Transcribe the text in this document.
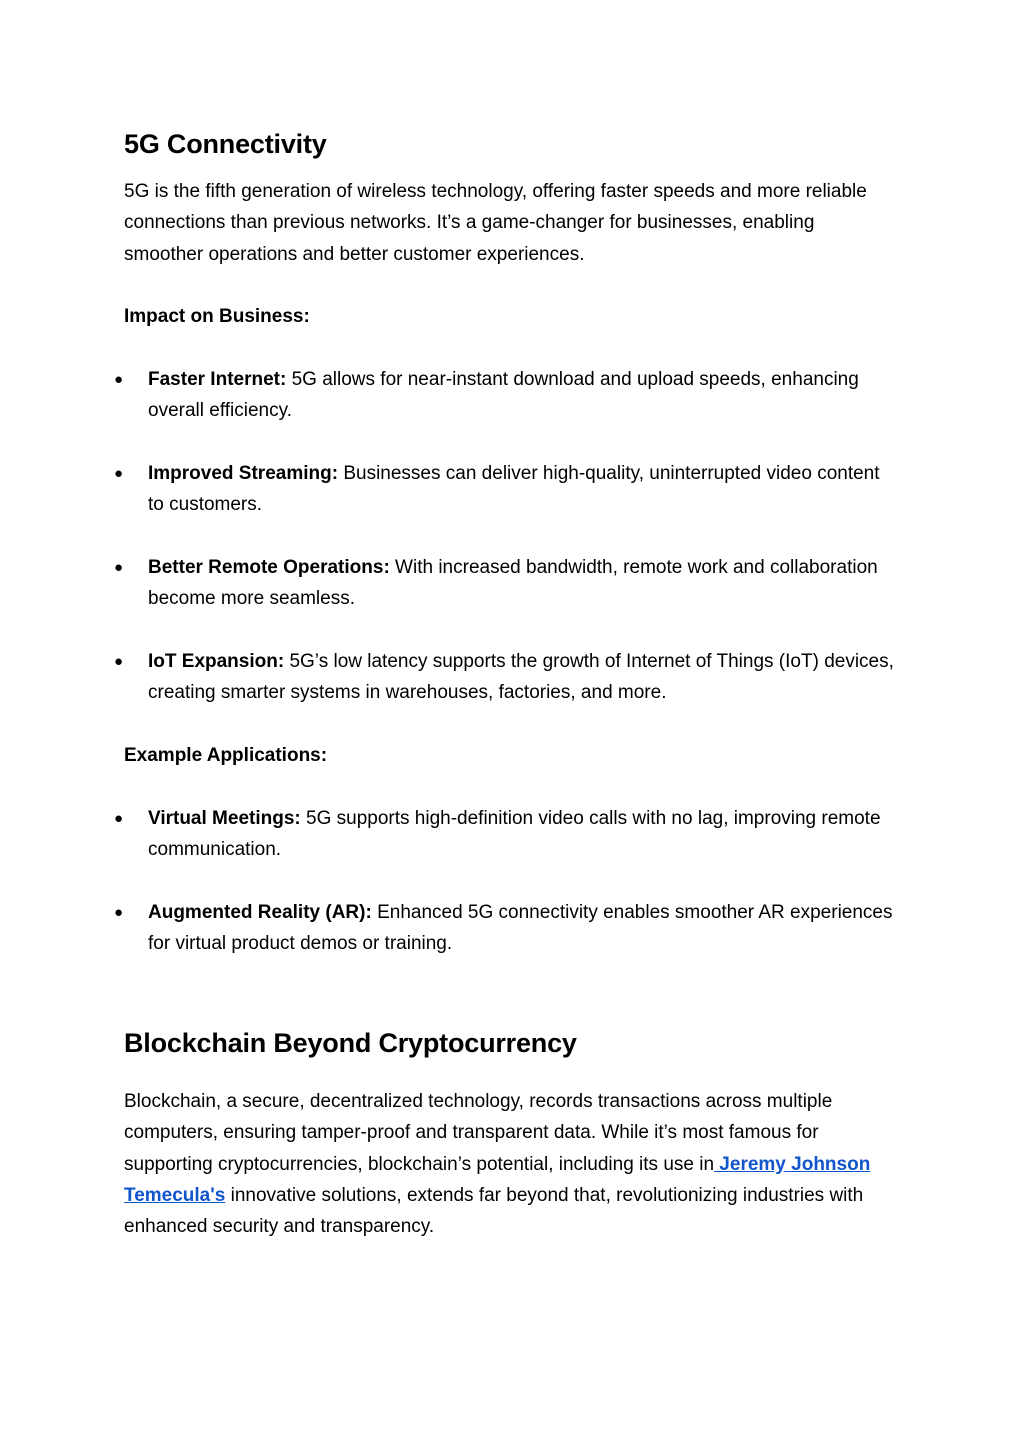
5G Connectivity

5G is the fifth generation of wireless technology, offering faster speeds and more reliable connections than previous networks. It’s a game-changer for businesses, enabling smoother operations and better customer experiences.

Impact on Business:

●	Faster Internet: 5G allows for near-instant download and upload speeds, enhancing overall efficiency.
●	Improved Streaming: Businesses can deliver high-quality, uninterrupted video content to customers.
●	Better Remote Operations: With increased bandwidth, remote work and collaboration become more seamless.
●	IoT Expansion: 5G’s low latency supports the growth of Internet of Things (IoT) devices, creating smarter systems in warehouses, factories, and more.

Example Applications:

●	Virtual Meetings: 5G supports high-definition video calls with no lag, improving remote communication.
●	Augmented Reality (AR): Enhanced 5G connectivity enables smoother AR experiences for virtual product demos or training.
Blockchain Beyond Cryptocurrency

Blockchain, a secure, decentralized technology, records transactions across multiple computers, ensuring tamper-proof and transparent data. While it’s most famous for supporting cryptocurrencies, blockchain’s potential, including its use in Jeremy Johnson Temecula's innovative solutions, extends far beyond that, revolutionizing industries with enhanced security and transparency.
